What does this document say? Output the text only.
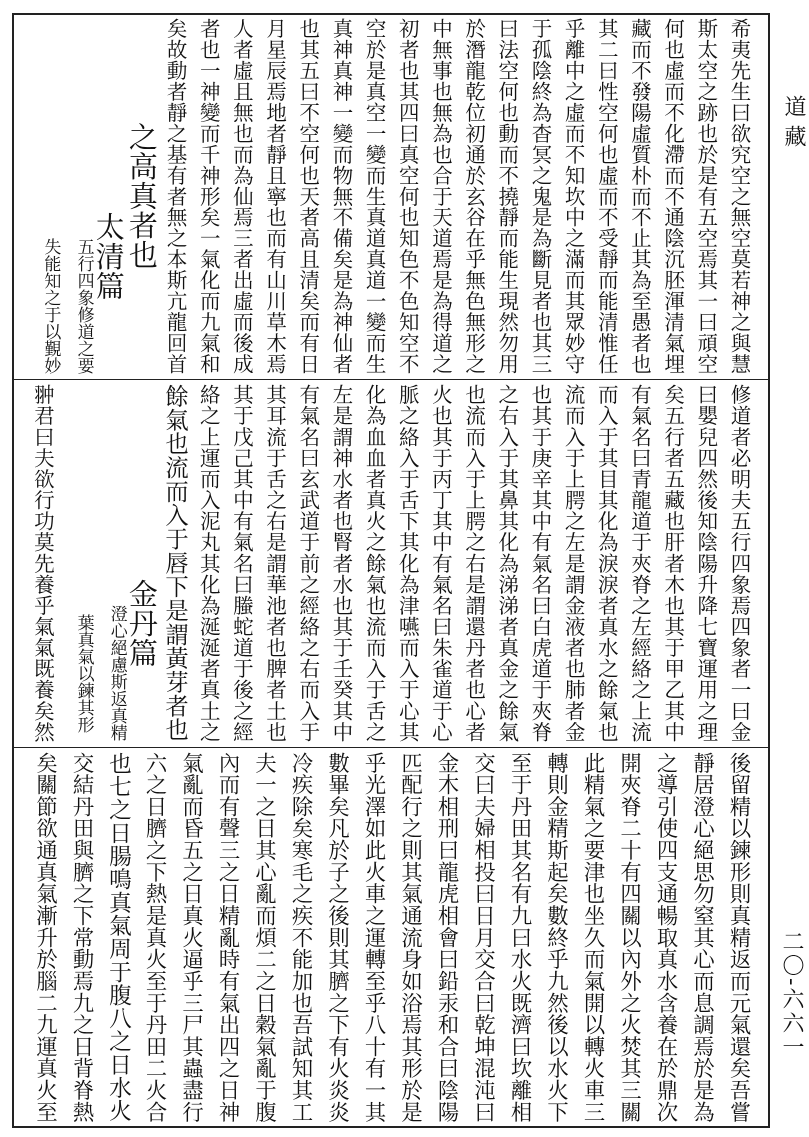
希夷先生曰欲究空之無空莫若神之與慧
斯太空之跡也於是有五空焉其一曰頑空
何也虛而不化滯而不通陰沉胚渾清氣埋
藏而不發陽虛質朴而不止其為至愚者也
其二曰性空何也虛而不受靜而能清惟任
乎離中之虛而不知坎中之滿而其眾妙守
于孤陰終為杳冥之鬼是為斷見者也其三
曰法空何也動而不撓靜而能生現然勿用
於潛龍乾位初通於玄谷在乎無色無形之
中無事也無為也合于天道焉是為得道之
初者也其四曰真空何也知色不色知空不
空於是真空一變而生真道真道一變而生
真神真神一變而物無不備矣是為神仙者
也其五曰不空何也天者高且清矣而有日
月星辰焉地者靜且寧也而有山川草木焉
人者虛且無也而為仙焉三者出虛而後成
者也一神變而千神形矣一氣化而九氣和
矣故動者靜之基有者無之本斯亢龍回首
之高真者也
太清篇
五行四象修道之要
失能知之于以覲妙
修道者必明夫五行四象焉四象者一曰金
曰嬰兒四然後知陰陽升降七寶運用之理
矣五行者五藏也肝者木也其于甲乙其中
有氣名曰青龍道于夾脊之左經絡之上流
而入于其目其化為淚淚者真水之餘氣也
流而入于上腭之左是謂金液者也肺者金
也其于庚辛其中有氣名曰白虎道于夾脊
之右入于其鼻其化為涕涕者真金之餘氣
也流而入于上腭之右是謂還丹者也心者
火也其于丙丁其中有氣名曰朱雀道于心
脈之絡入于舌下其化為津嚥而入于心其
化為血血者真火之餘氣也流而入于舌之
左是謂神水者也腎者水也其于壬癸其中
有氣名曰玄武道于前之經絡之右而入于
其耳流于舌之右是謂華池者也脾者土也
其于戊己其中有氣名曰螣蛇道于後之經
絡之上運而入泥丸其化為涎涎者真土之
餘氣也流而入于唇下是謂黃芽者也
金丹篇
澄心絕慮斯返真精
葉真氣以鍊其形
翀君曰夫欲行功莫先養乎氣氣既養矣然
後留精以鍊形則真精返而元氣還矣吾嘗
靜居澄心絕思勿窒其心而息調焉於是為
之導引使四支通暢取真水含養在於鼎次
開夾脊二十有四關以內外之火焚其三關
此精氣之要津也坐久而氣開以轉火車三
轉則金精斯起矣數終乎九然後以水火下
至于丹田其名有九曰水火既濟曰坎離相
交曰夫婦相投曰日月交合曰乾坤混沌曰
金木相刑曰龍虎相會曰鉛汞和合曰陰陽
匹配行之則其氣通流身如浴焉其形於是
乎光澤如此火車之運轉至乎八十有一其
數畢矣凡於子之後則其臍之下有火炎炎
冷疾除矣寒毛之疾不能加也吾試知其工
夫一之日其心亂而煩二之日穀氣亂于腹
內而有聲三之日精亂時有氣出四之日神
氣亂而昏五之日真火逼乎三尸其蟲盡行
六之日臍之下熱是真火至于丹田二火合
也七之日腸鳴真氣周于腹八之日水火
交結丹田與臍之下常動焉九之日背脊熱
矣關節欲通真氣漸升於腦二九運真火至
道藏
二〇-六六一
